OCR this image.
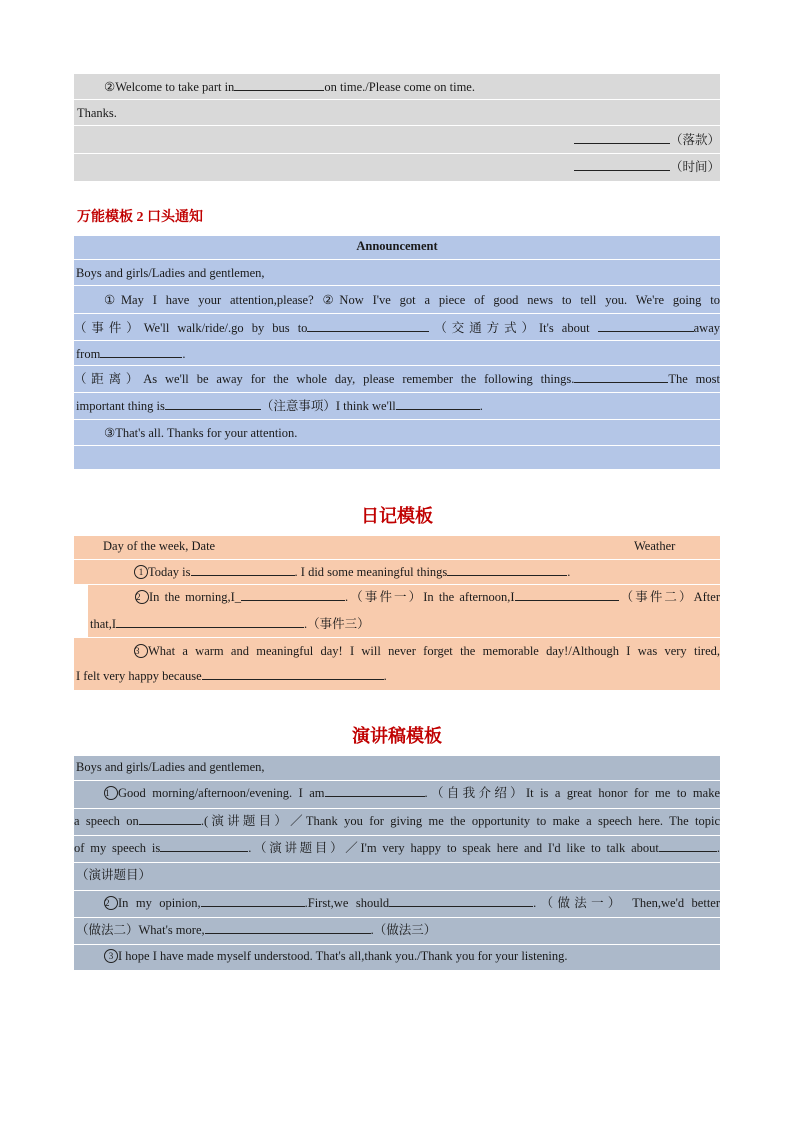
②Welcome to take part in	on time./Please come on time.
Thanks.
（落款）
（时间）
万能模板 2 口头通知
Announcement
Boys and girls/Ladies and gentlemen,
①May I have your attention,please? ②Now I've got a piece of good news to tell you. We're going to
（事件）We'll walk/ride/.go by bus to	（交通方式）It's about	away
from	.
（距离）As we'll be away for the whole day, please remember the following things.	The most
important thing is	（注意事项）I think we'll	.
③That's all. Thanks for your attention.
日记模板
Day of the week, Date	Weather
1 Today is	. I did some meaningful things	.
2 In the morning,I_	.（事件一）In the afternoon,I	（事件二）After
that,I	.（事件三）
3 What a warm and meaningful day! I will never forget the memorable day!/Although I was very tired,
I felt very happy because	.
演讲稿模板
Boys and girls/Ladies and gentlemen,
1 Good morning/afternoon/evening. I am	.（自我介绍）It is a great honor for me to make
a speech on	.(演讲题目）／Thank you for giving me the opportunity to make a speech here. The topic
of my speech is	.（演讲题目）／I'm very happy to speak here and I'd like to talk about	.
（演讲题目）
2 In my opinion,	.First,we should	.（做法一） Then,we'd better
（做法二）What's more,	.（做法三）
3 I hope I have made myself understood. That's all,thank you./Thank you for your listening.
